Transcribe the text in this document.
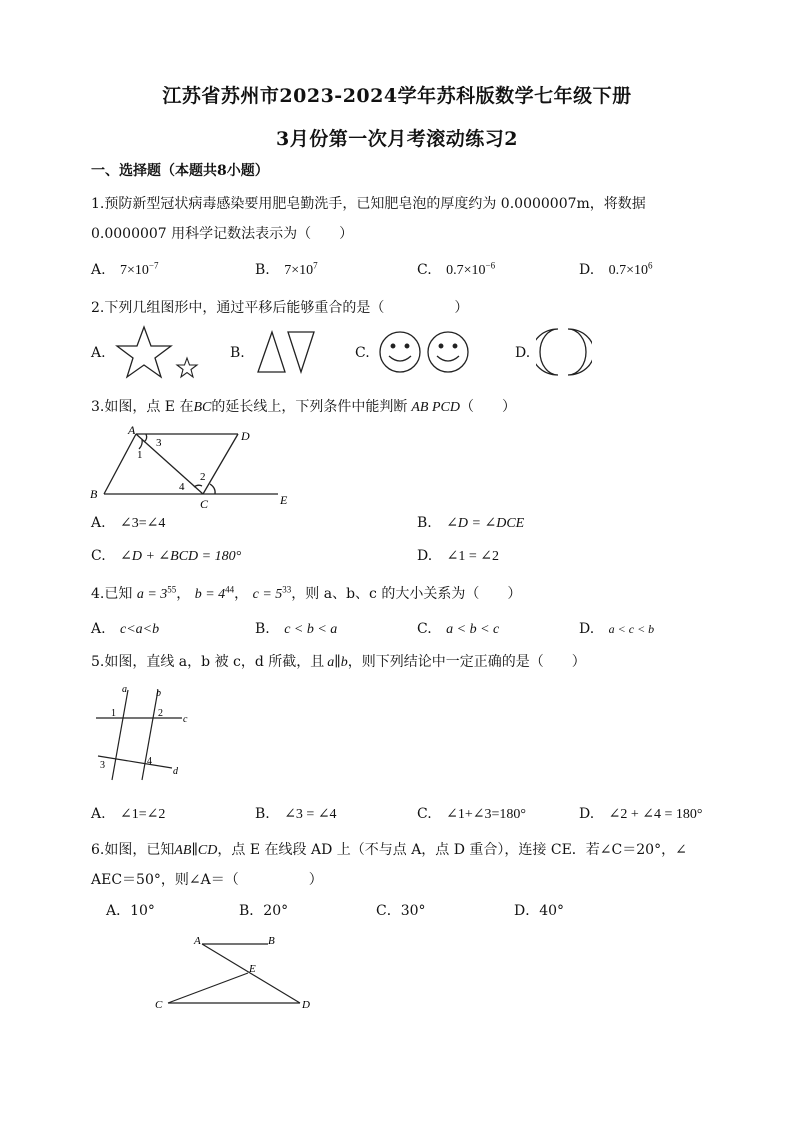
江苏省苏州市2023-2024学年苏科版数学七年级下册
3月份第一次月考滚动练习2
一、选择题（本题共8小题）
1.预防新型冠状病毒感染要用肥皂勤洗手，已知肥皂泡的厚度约为 0.0000007m，将数据
0.0000007 用科学记数法表示为（　　）
A. $7\times 10^{-7}$	B. $7\times 10^7$	C. $0.7\times 10^{-6}$	D. $0.7\times 10^6$
2.下列几组图形中，通过平移后能够重合的是（　　　　　）
A.	B.	C.	D.
3.如图，点 E 在BC的延长线上，下列条件中能判断 AB PCD（　　）
A	D
B
C	E
1
2
3
4
A. ∠3=∠4	B. ∠D = ∠DCE
C. ∠D + ∠BCD = 180°	D. ∠1 = ∠2
4.已知 $a = 3^{55}$， $b = 4^{44}$， $c = 5^{33}$，则 a、b、c 的大小关系为（　　）
A. c<a<b	B. c < b < a	C. a < b < c	D. a < c < b
5.如图，直线 a，b 被 c，d 所截，且 a∥b，则下列结论中一定正确的是（　　）
a	b
c
d
1	2
3	4
A. ∠1=∠2	B. ∠3 = ∠4	C. ∠1+∠3=180°	D. ∠2 + ∠4 = 180°
6.如图，已知AB∥CD，点 E 在线段 AD 上（不与点 A，点 D 重合），连接 CE．若∠C＝20°，∠
AEC＝50°，则∠A＝（　　　　　）
A．10°	B．20°	C．30°	D．40°
A	B
E
C	D
